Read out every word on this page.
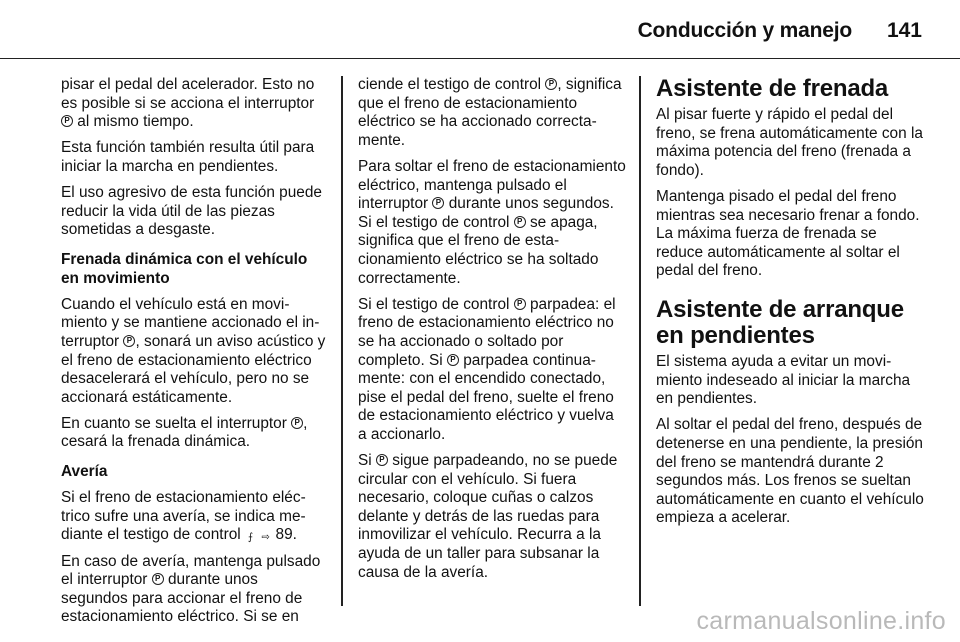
Conducción y manejo 141

pisar el pedal del acelerador. Esto no es posible si se acciona el interruptor
P al mismo tiempo.

Esta función también resulta útil para iniciar la marcha en pendientes.

El uso agresivo de esta función puede reducir la vida útil de las piezas sometidas a desgaste.

Frenada dinámica con el vehículo en movimiento

Cuando el vehículo está en movimiento y se mantiene accionado el interruptor P, sonará un aviso acústico y el freno de estacionamiento eléctrico desacelerará el vehículo, pero no se accionará estáticamente.

En cuanto se suelta el interruptor P, cesará la frenada dinámica.

Avería

Si el freno de estacionamiento eléctrico sufre una avería, se indica mediante el testigo de control ⨍ ⇨ 89.

En caso de avería, mantenga pulsado el interruptor P durante unos segundos para accionar el freno de estacionamiento eléctrico. Si se en

ciende el testigo de control P, significa que el freno de estacionamiento eléctrico se ha accionado correctamente.

Para soltar el freno de estacionamiento eléctrico, mantenga pulsado el interruptor P durante unos segundos. Si el testigo de control P se apaga, significa que el freno de estacionamiento eléctrico se ha soltado correctamente.

Si el testigo de control P parpadea: el freno de estacionamiento eléctrico no se ha accionado o soltado por completo. Si P parpadea continuamente: con el encendido conectado, pise el pedal del freno, suelte el freno de estacionamiento eléctrico y vuelva a accionarlo.

Si P sigue parpadeando, no se puede circular con el vehículo. Si fuera necesario, coloque cuñas o calzos delante y detrás de las ruedas para inmovilizar el vehículo. Recurra a la ayuda de un taller para subsanar la causa de la avería.

Asistente de frenada

Al pisar fuerte y rápido el pedal del freno, se frena automáticamente con la máxima potencia del freno (frenada a fondo).

Mantenga pisado el pedal del freno mientras sea necesario frenar a fondo. La máxima fuerza de frenada se reduce automáticamente al soltar el pedal del freno.

Asistente de arranque en pendientes

El sistema ayuda a evitar un movimiento indeseado al iniciar la marcha en pendientes.

Al soltar el pedal del freno, después de detenerse en una pendiente, la presión del freno se mantendrá durante 2 segundos más. Los frenos se sueltan automáticamente en cuanto el vehículo empieza a acelerar.

carmanualsonline.info
